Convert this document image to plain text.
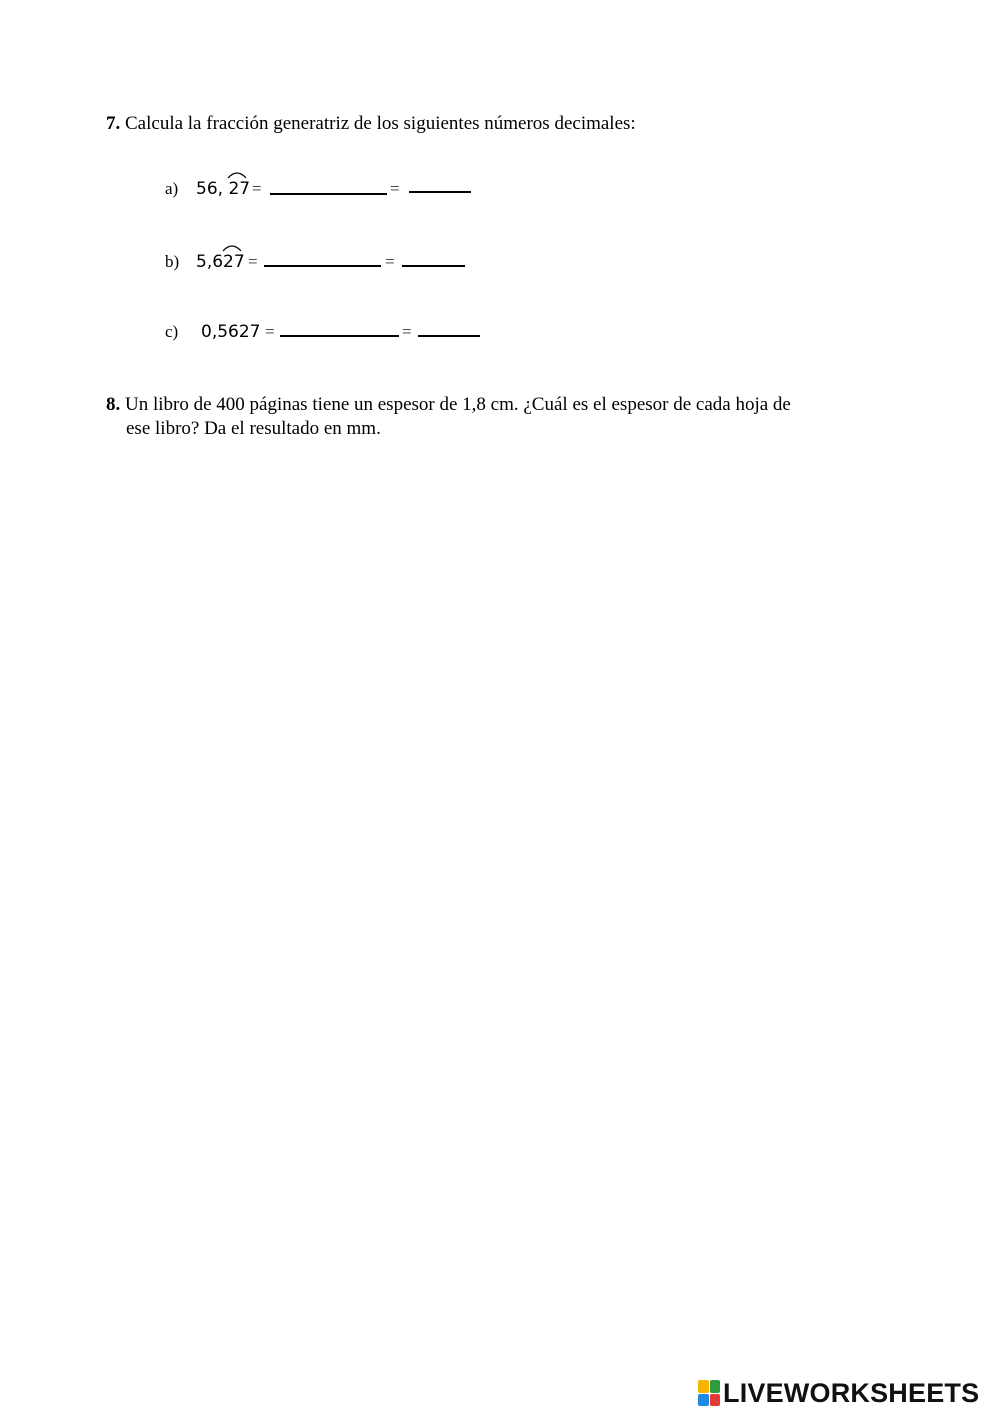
7. Calcula la fracción generatriz de los siguientes números decimales:
a) 56,
27 =	=
b) 5,6
27 =	=
c) 0,5627 =	=
8. Un libro de 400 páginas tiene un espesor de 1,8 cm. ¿Cuál es el espesor de cada hoja de
ese libro? Da el resultado en mm.
LIVEWORKSHEETS
